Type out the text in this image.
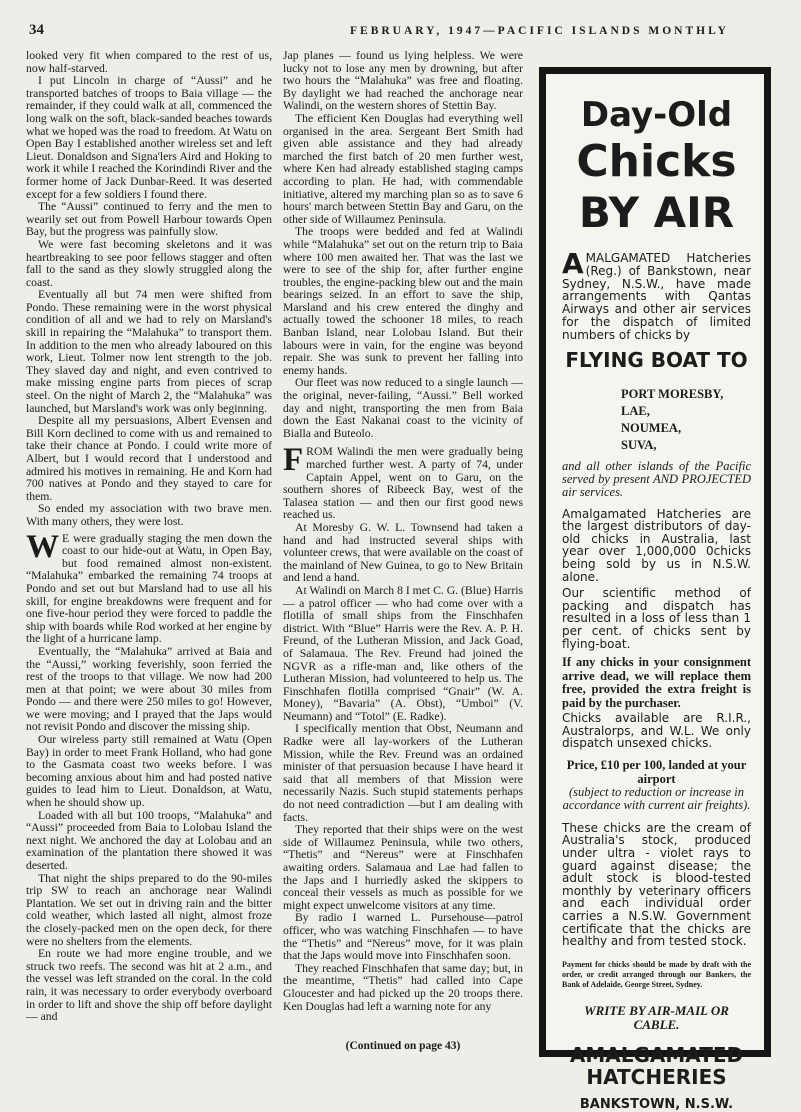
34	FEBRUARY, 1947—PACIFIC ISLANDS MONTHLY

looked very fit when compared to the rest of us, now half-starved.

I put Lincoln in charge of “Aussi” and he transported batches of troops to Baia village — the remainder, if they could walk at all, commenced the long walk on the soft, black-sanded beaches towards what we hoped was the road to freedom. At Watu on Open Bay I established another wireless set and left Lieut. Donaldson and Signa'lers Aird and Hoking to work it while I reached the Korindindi River and the former home of Jack Dunbar-Reed. It was deserted except for a few soldiers I found there.

The “Aussi” continued to ferry and the men to wearily set out from Powell Harbour towards Open Bay, but the progress was painfully slow.

We were fast becoming skeletons and it was heartbreaking to see poor fellows stagger and often fall to the sand as they slowly struggled along the coast.

Eventually all but 74 men were shifted from Pondo. These remaining were in the worst physical condition of all and we had to rely on Marsland's skill in repairing the “Malahuka” to transport them. In addition to the men who already laboured on this work, Lieut. Tolmer now lent strength to the job. They slaved day and night, and even contrived to make missing engine parts from pieces of scrap steel. On the night of March 2, the “Malahuka” was launched, but Marsland's work was only beginning.

Despite all my persuasions, Albert Evensen and Bill Korn declined to come with us and remained to take their chance at Pondo. I could write more of Albert, but I would record that I understood and admired his motives in remaining. He and Korn had 700 natives at Pondo and they stayed to care for them.

So ended my association with two brave men. With many others, they were lost.

W E were gradually staging the men down the coast to our hide-out at Watu, in Open Bay, but food remained almost non-existent. “Malahuka” embarked the remaining 74 troops at Pondo and set out but Marsland had to use all his skill, for engine breakdowns were frequent and for one five-hour period they were forced to paddle the ship with boards while Rod worked at her engine by the light of a hurricane lamp.

Eventually, the “Malahuka” arrived at Baia and the “Aussi,” working feverishly, soon ferried the rest of the troops to that village. We now had 200 men at that point; we were about 30 miles from Pondo — and there were 250 miles to go! However, we were moving; and I prayed that the Japs would not revisit Pondo and discover the missing ship.

Our wireless party still remained at Watu (Open Bay) in order to meet Frank Holland, who had gone to the Gasmata coast two weeks before. I was becoming anxious about him and had posted native guides to lead him to Lieut. Donaldson, at Watu, when he should show up.

Loaded with all but 100 troops, “Malahuka” and “Aussi” proceeded from Baia to Lolobau Island the next night. We anchored the day at Lolobau and an examination of the plantation there showed it was deserted.

That night the ships prepared to do the 90-miles trip SW to reach an anchorage near Walindi Plantation. We set out in driving rain and the bitter cold weather, which lasted all night, almost froze the closely-packed men on the open deck, for there were no shelters from the elements.

En route we had more engine trouble, and we struck two reefs. The second was hit at 2 a.m., and the vessel was left stranded on the coral. In the cold rain, it was necessary to order everybody overboard in order to lift and shove the ship off before daylight — and

Jap planes — found us lying helpless. We were lucky not to lose any men by drowning, but after two hours the “Malahuka” was free and floating. By daylight we had reached the anchorage near Walindi, on the western shores of Stettin Bay.

The efficient Ken Douglas had everything well organised in the area. Sergeant Bert Smith had given able assistance and they had already marched the first batch of 20 men further west, where Ken had already established staging camps according to plan. He had, with commendable initiative, altered my marching plan so as to save 6 hours' march between Stettin Bay and Garu, on the other side of Willaumez Peninsula.

The troops were bedded and fed at Walindi while “Malahuka” set out on the return trip to Baia where 100 men awaited her. That was the last we were to see of the ship for, after further engine troubles, the engine-packing blew out and the main bearings seized. In an effort to save the ship, Marsland and his crew entered the dinghy and actually towed the schooner 18 miles, to reach Banban Island, near Lolobau Island. But their labours were in vain, for the engine was beyond repair. She was sunk to prevent her falling into enemy hands.

Our fleet was now reduced to a single launch — the original, never-failing, “Aussi.” Bell worked day and night, transporting the men from Baia down the East Nakanai coast to the vicinity of Bialla and Buteolo.

FROM Walindi the men were gradually being marched further west. A party of 74, under Captain Appel, went on to Garu, on the southern shores of Ribeeck Bay, west of the Talasea station — and then our first good news reached us.

At Moresby G. W. L. Townsend had taken a hand and had instructed several ships with volunteer crews, that were available on the coast of the mainland of New Guinea, to go to New Britain and lend a hand.

At Walindi on March 8 I met C. G. (Blue) Harris — a patrol officer — who had come over with a flotilla of small ships from the Finschhafen district. With “Blue” Harris were the Rev. A. P. H. Freund, of the Lutheran Mission, and Jack Goad, of Salamaua. The Rev. Freund had joined the NGVR as a rifle-man and, like others of the Lutheran Mission, had volunteered to help us. The Finschhafen flotilla comprised “Gnair” (W. A. Money), “Bavaria” (A. Obst), “Umboi” (V. Neumann) and “Totol” (E. Radke).

I specifically mention that Obst, Neumann and Radke were all lay-workers of the Lutheran Mission, while the Rev. Freund was an ordained minister of that persuasion because I have heard it said that all members of that Mission were necessarily Nazis. Such stupid statements perhaps do not need contradiction —but I am dealing with facts.

They reported that their ships were on the west side of Willaumez Peninsula, while two others, “Thetis” and “Nereus” were at Finschhafen awaiting orders. Salamaua and Lae had fallen to the Japs and I hurriedly asked the skippers to conceal their vessels as much as possible for we might expect unwelcome visitors at any time.

By radio I warned L. Pursehouse—patrol officer, who was watching Finschhafen — to have the “Thetis” and “Nereus” move, for it was plain that the Japs would move into Finschhafen soon.

They reached Finschhafen that same day; but, in the meantime, “Thetis” had called into Cape Gloucester and had picked up the 20 troops there. Ken Douglas had left a warning note for any

(Continued on page 43)
Day-Old
Chicks
BY AIR
AMALGAMATED Hatcheries (Reg.) of Bankstown, near Sydney, N.S.W., have made arrangements with Qantas Airways and other air services for the dispatch of limited numbers of chicks by
FLYING BOAT TO
PORT MORESBY,
LAE,
NOUMEA,
SUVA,
and all other islands of the Pacific served by present AND PROJECTED air services.
Amalgamated Hatcheries are the largest distributors of day-old chicks in Australia, last year over 1,000,000 0chicks being sold by us in N.S.W. alone.
Our scientific method of packing and dispatch has resulted in a loss of less than 1 per cent. of chicks sent by flying-boat.
If any chicks in your consignment arrive dead, we will replace them free, provided the extra freight is paid by the purchaser.
Chicks available are R.I.R., Australorps, and W.L. We only dispatch unsexed chicks.
Price, £10 per 100, landed at your airport
(subject to reduction or increase in accordance with current air freights).
These chicks are the cream of Australia's stock, produced under ultra - violet rays to guard against disease; the adult stock is blood-tested monthly by veterinary officers and each individual order carries a N.S.W. Government certificate that the chicks are healthy and from tested stock.
Payment for chicks should be made by draft with the order, or credit arranged through our Bankers, the Bank of Adelaide, George Street, Sydney.
WRITE BY AIR-MAIL OR CABLE.
AMALGAMATED HATCHERIES
BANKSTOWN, N.S.W.
